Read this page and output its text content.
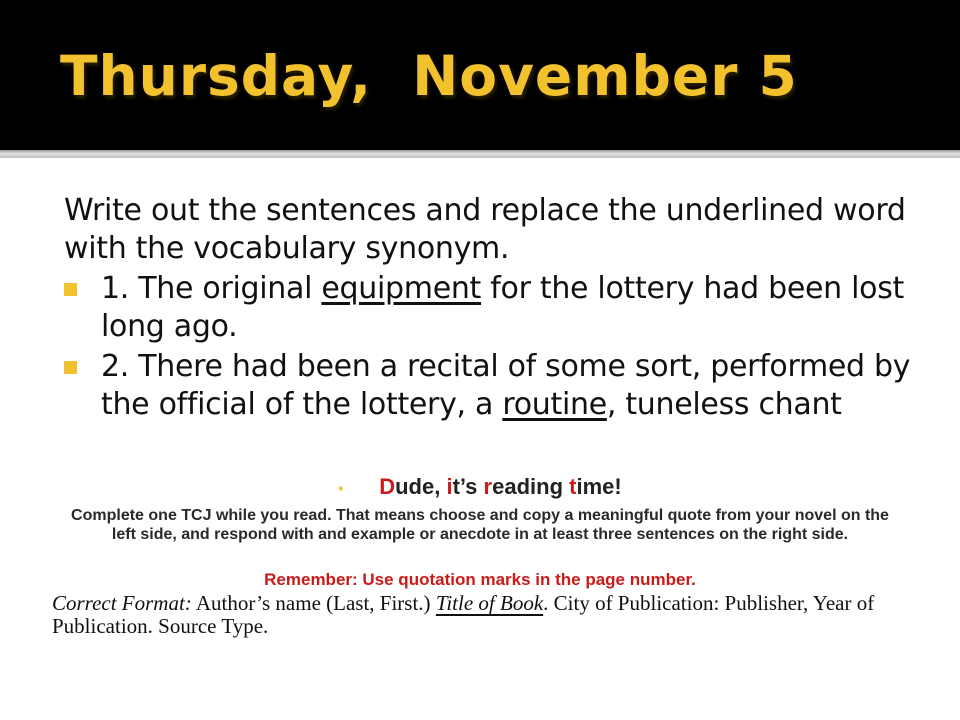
Thursday,  November 5

Write out the sentences and replace the underlined word with the vocabulary synonym.

1. The original equipment for the lottery had been lost long ago.
2. There had been a recital of some sort, performed by the official of the lottery, a routine, tuneless chant
• Dude, it’s reading time!
Complete one TCJ while you read. That means choose and copy a meaningful quote from your novel on the left side, and respond with and example or anecdote in at least three sentences on the right side.
Remember: Use quotation marks in the page number.
Correct Format: Author’s name (Last, First.) Title of Book. City of Publication: Publisher, Year of Publication. Source Type.
